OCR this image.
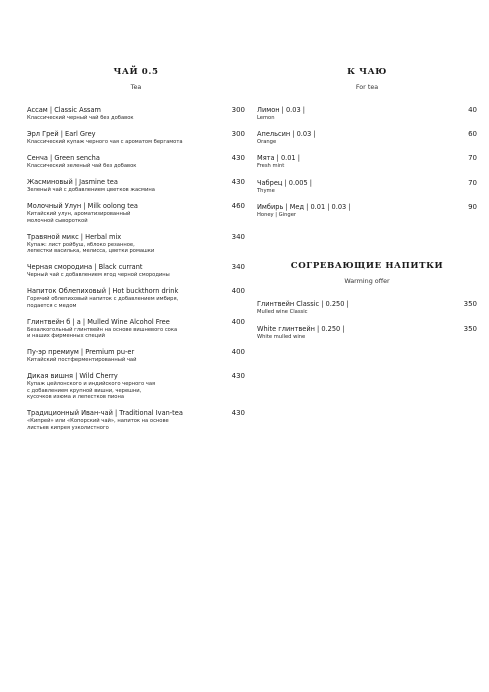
ЧАЙ 0.5
Tea
Ассам | Classic Assam	300
Классический черный чай без добавок
Эрл Грей | Earl Grey	300
Классический купаж черного чая с ароматом бергамота
Сенча | Green sencha	430
Классический зеленый чай без добавок
Жасминовый | Jasmine tea	430
Зеленый чай с добавлением цветков жасмина
Молочный Улун | Milk oolong tea	460
Китайский улун, ароматизированный
молочной сывороткой
Травяной микс | Herbal mix	340
Купаж: лист ройбуш, яблоко резанное,
лепестки василька, мелисса, цветки ромашки
Черная смородина | Black currant	340
Черный чай с добавлением ягод черной смородины
Напиток Облепиховый | Hot buckthorn drink	400
Горячий облепиховый напиток с добавлением имбиря,
подается с медом
Глинтвейн б | а | Mulled Wine Alcohol Free	400
Безалкогольный глинтвейн на основе вишневого сока
и наших фирменных специй
Пу-эр премиум | Premium pu-er	400
Китайский постферментированный чай
Дикая вишня | Wild Cherry	430
Купаж цейлонского и индийского черного чая
с добавлением крупной вишни, черешни,
кусочков изюма и лепестков пиона
Традиционный Иван-чай | Traditional Ivan-tea	430
«Кипрей» или «Копорский чай», напиток на основе
листьев кипрея узколистного
К ЧАЮ
For tea
Лимон | 0.03 |	40
Lemon
Апельсин | 0.03 |	60
Orange
Мята | 0.01 |	70
Fresh mint
Чабрец | 0.005 |	70
Thyme
Имбирь | Мед | 0.01 | 0.03 |	90
Honey | Ginger
СОГРЕВАЮЩИЕ НАПИТКИ
Warming offer
Глинтвейн Classic | 0.250 |	350
Mulled wine Classic
White глинтвейн | 0.250 |	350
White mulled wine
